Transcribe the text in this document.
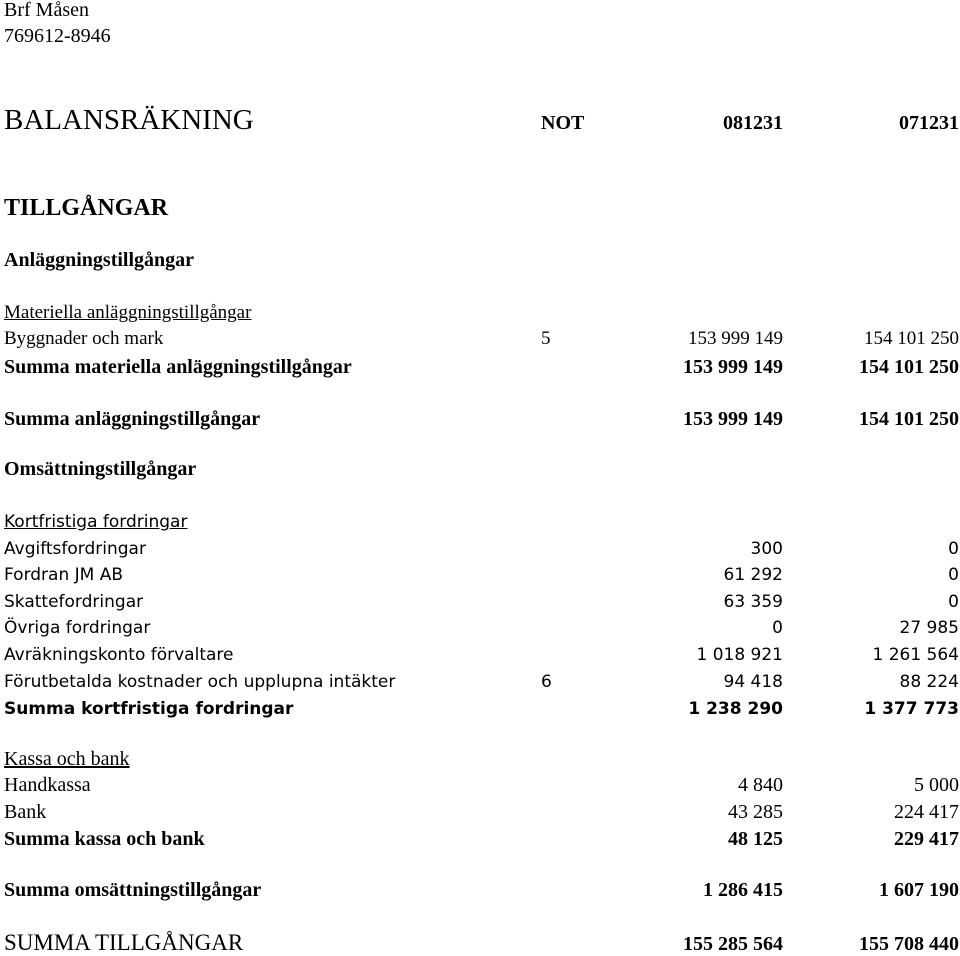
Brf Måsen
769612-8946
BALANSRÄKNING	NOT	081231	071231
TILLGÅNGAR
Anläggningstillgångar
Materiella anläggningstillgångar
Byggnader och mark	5	153 999 149	154 101 250
Summa materiella anläggningstillgångar	153 999 149	154 101 250
Summa anläggningstillgångar	153 999 149	154 101 250
Omsättningstillgångar
Kortfristiga fordringar
Avgiftsfordringar	300	0
Fordran JM AB	61 292	0
Skattefordringar	63 359	0
Övriga fordringar	0	27 985
Avräkningskonto förvaltare	1 018 921	1 261 564
Förutbetalda kostnader och upplupna intäkter	6	94 418	88 224
Summa kortfristiga fordringar	1 238 290	1 377 773
Kassa och bank
Handkassa	4 840	5 000
Bank	43 285	224 417
Summa kassa och bank	48 125	229 417
Summa omsättningstillgångar	1 286 415	1 607 190
SUMMA TILLGÅNGAR	155 285 564	155 708 440
